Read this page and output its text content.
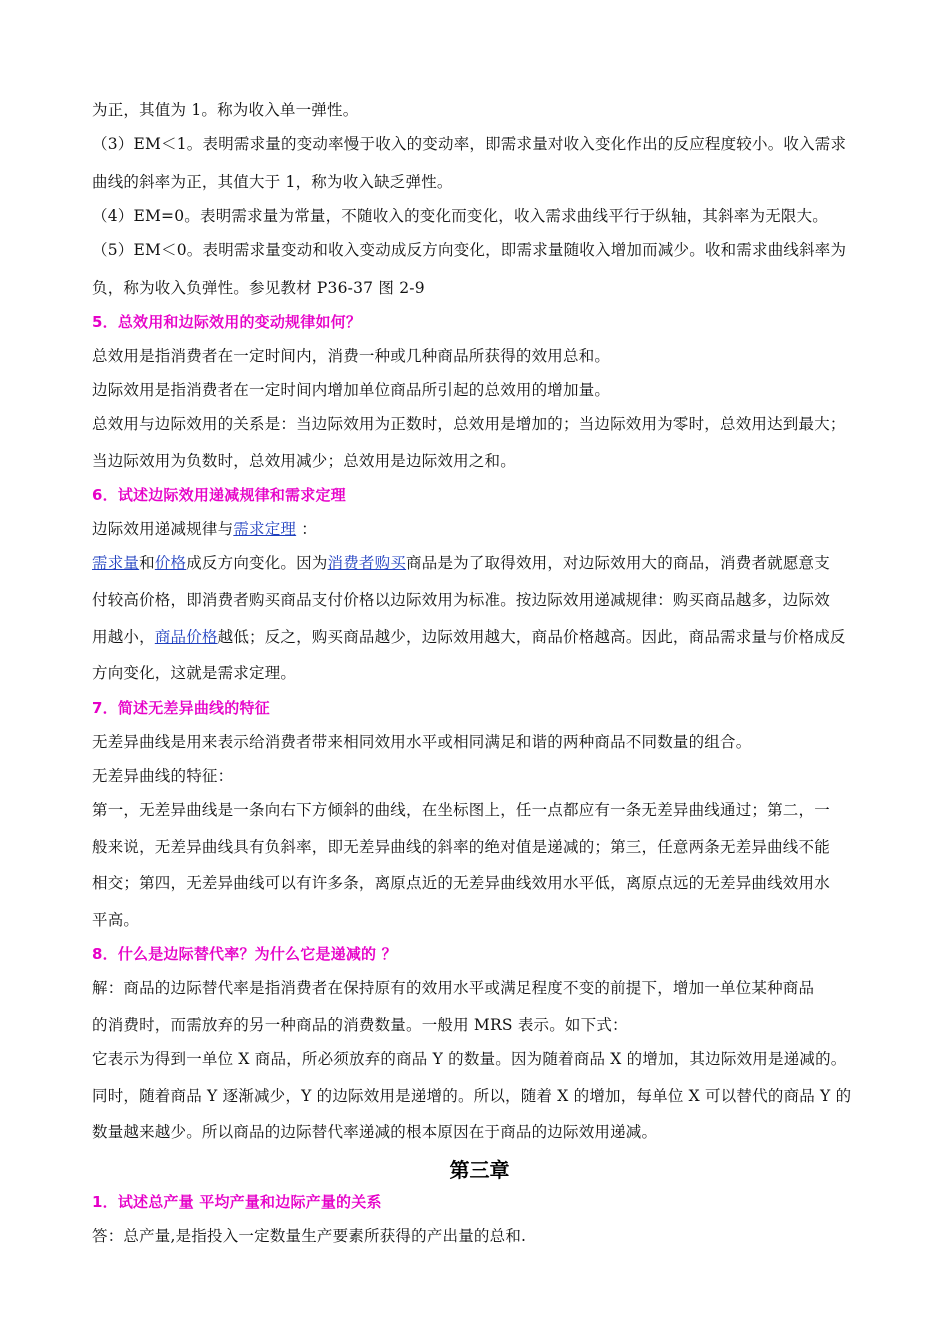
为正，其值为 1。称为收入单一弹性。
（3）EM＜1。表明需求量的变动率慢于收入的变动率，即需求量对收入变化作出的反应程度较小。收入需求
曲线的斜率为正，其值大于 1，称为收入缺乏弹性。
（4）EM=0。表明需求量为常量，不随收入的变化而变化，收入需求曲线平行于纵轴，其斜率为无限大。
（5）EM＜0。表明需求量变动和收入变动成反方向变化，即需求量随收入增加而减少。收和需求曲线斜率为
负，称为收入负弹性。参见教材 P36-37 图 2-9
5．总效用和边际效用的变动规律如何？
总效用是指消费者在一定时间内，消费一种或几种商品所获得的效用总和。
边际效用是指消费者在一定时间内增加单位商品所引起的总效用的增加量。
总效用与边际效用的关系是：当边际效用为正数时，总效用是增加的；当边际效用为零时，总效用达到最大；
当边际效用为负数时，总效用减少；总效用是边际效用之和。
6．试述边际效用递减规律和需求定理
边际效用递减规律与需求定理 ：
需求量和价格成反方向变化。因为消费者购买商品是为了取得效用，对边际效用大的商品，消费者就愿意支
付较高价格，即消费者购买商品支付价格以边际效用为标准。按边际效用递减规律：购买商品越多，边际效
用越小，商品价格越低；反之，购买商品越少，边际效用越大，商品价格越高。因此，商品需求量与价格成反
方向变化，这就是需求定理。
7．简述无差异曲线的特征
无差异曲线是用来表示给消费者带来相同效用水平或相同满足和谐的两种商品不同数量的组合。
无差异曲线的特征：
第一，无差异曲线是一条向右下方倾斜的曲线，在坐标图上，任一点都应有一条无差异曲线通过；第二，一
般来说，无差异曲线具有负斜率，即无差异曲线的斜率的绝对值是递减的；第三，任意两条无差异曲线不能
相交；第四，无差异曲线可以有许多条，离原点近的无差异曲线效用水平低，离原点远的无差异曲线效用水
平高。
8．什么是边际替代率？为什么它是递减的 ？
解：商品的边际替代率是指消费者在保持原有的效用水平或满足程度不变的前提下，增加一单位某种商品
的消费时，而需放弃的另一种商品的消费数量。一般用 MRS 表示。如下式：
它表示为得到一单位 X 商品，所必须放弃的商品 Y 的数量。因为随着商品 X 的增加，其边际效用是递减的。
同时，随着商品 Y 逐渐减少，Y 的边际效用是递增的。所以，随着 X 的增加，每单位 X 可以替代的商品 Y 的
数量越来越少。所以商品的边际替代率递减的根本原因在于商品的边际效用递减。
第三章
1．试述总产量 平均产量和边际产量的关系
答：总产量,是指投入一定数量生产要素所获得的产出量的总和.
